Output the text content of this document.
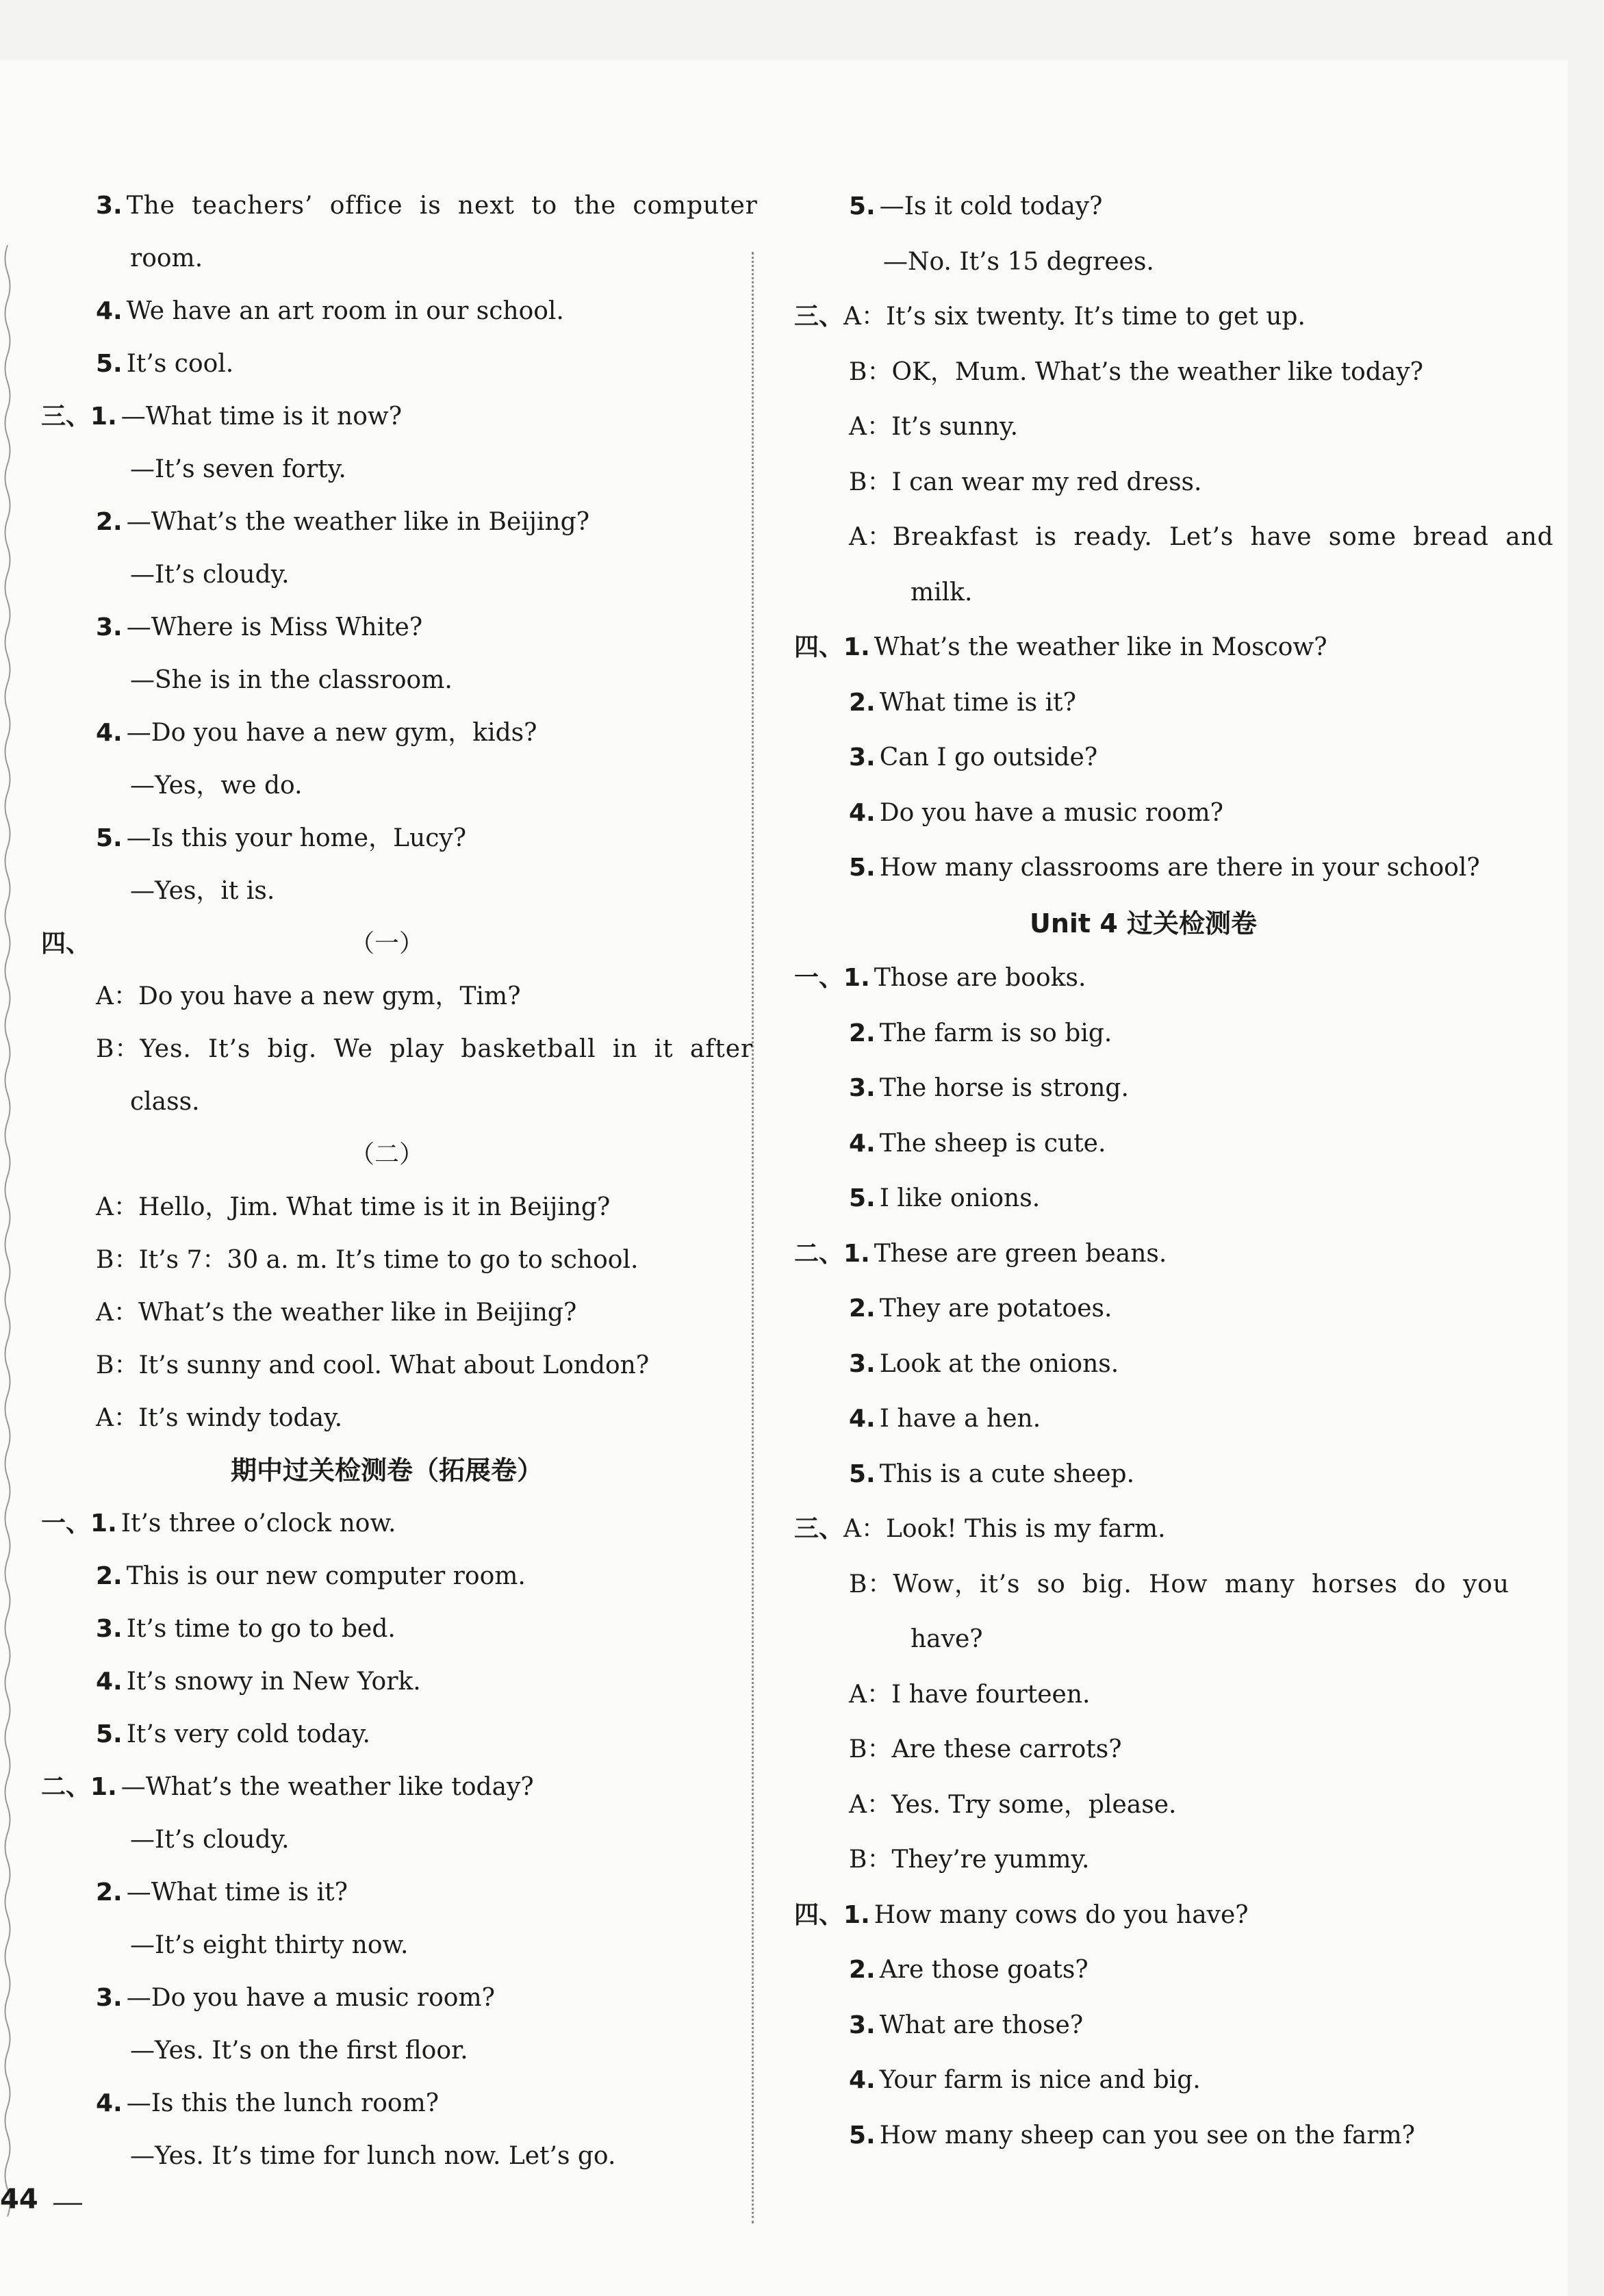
3. The teachers’ office is next to the computer
room.
4. We have an art room in our school.
5. It’s cool.
三、1. —What time is it now?
—It’s seven forty.
2. —What’s the weather like in Beijing?
—It’s cloudy.
3. —Where is Miss White?
—She is in the classroom.
4. —Do you have a new gym，kids?
—Yes，we do.
5. —Is this your home，Lucy?
—Yes，it is.
四、	（一）
A：Do you have a new gym，Tim?
B：Yes. It’s big. We play basketball in it after
class.
（二）
A：Hello，Jim. What time is it in Beijing?
B：It’s 7：30 a. m. It’s time to go to school.
A：What’s the weather like in Beijing?
B：It’s sunny and cool. What about London?
A：It’s windy today.
期中过关检测卷（拓展卷）
一、1. It’s three o’clock now.
2. This is our new computer room.
3. It’s time to go to bed.
4. It’s snowy in New York.
5. It’s very cold today.
二、1. —What’s the weather like today?
—It’s cloudy.
2. —What time is it?
—It’s eight thirty now.
3. —Do you have a music room?
—Yes. It’s on the first floor.
4. —Is this the lunch room?
—Yes. It’s time for lunch now. Let’s go.
5. —Is it cold today?
—No. It’s 15 degrees.
三、A：It’s six twenty. It’s time to get up.
B：OK，Mum. What’s the weather like today?
A：It’s sunny.
B：I can wear my red dress.
A：Breakfast is ready. Let’s have some bread and
milk.
四、1. What’s the weather like in Moscow?
2. What time is it?
3. Can I go outside?
4. Do you have a music room?
5. How many classrooms are there in your school?
Unit 4 过关检测卷
一、1. Those are books.
2. The farm is so big.
3. The horse is strong.
4. The sheep is cute.
5. I like onions.
二、1. These are green beans.
2. They are potatoes.
3. Look at the onions.
4. I have a hen.
5. This is a cute sheep.
三、A：Look! This is my farm.
B：Wow，it’s so big. How many horses do you
have?
A：I have fourteen.
B：Are these carrots?
A：Yes. Try some，please.
B：They’re yummy.
四、1. How many cows do you have?
2. Are those goats?
3. What are those?
4. Your farm is nice and big.
5. How many sheep can you see on the farm?
44
